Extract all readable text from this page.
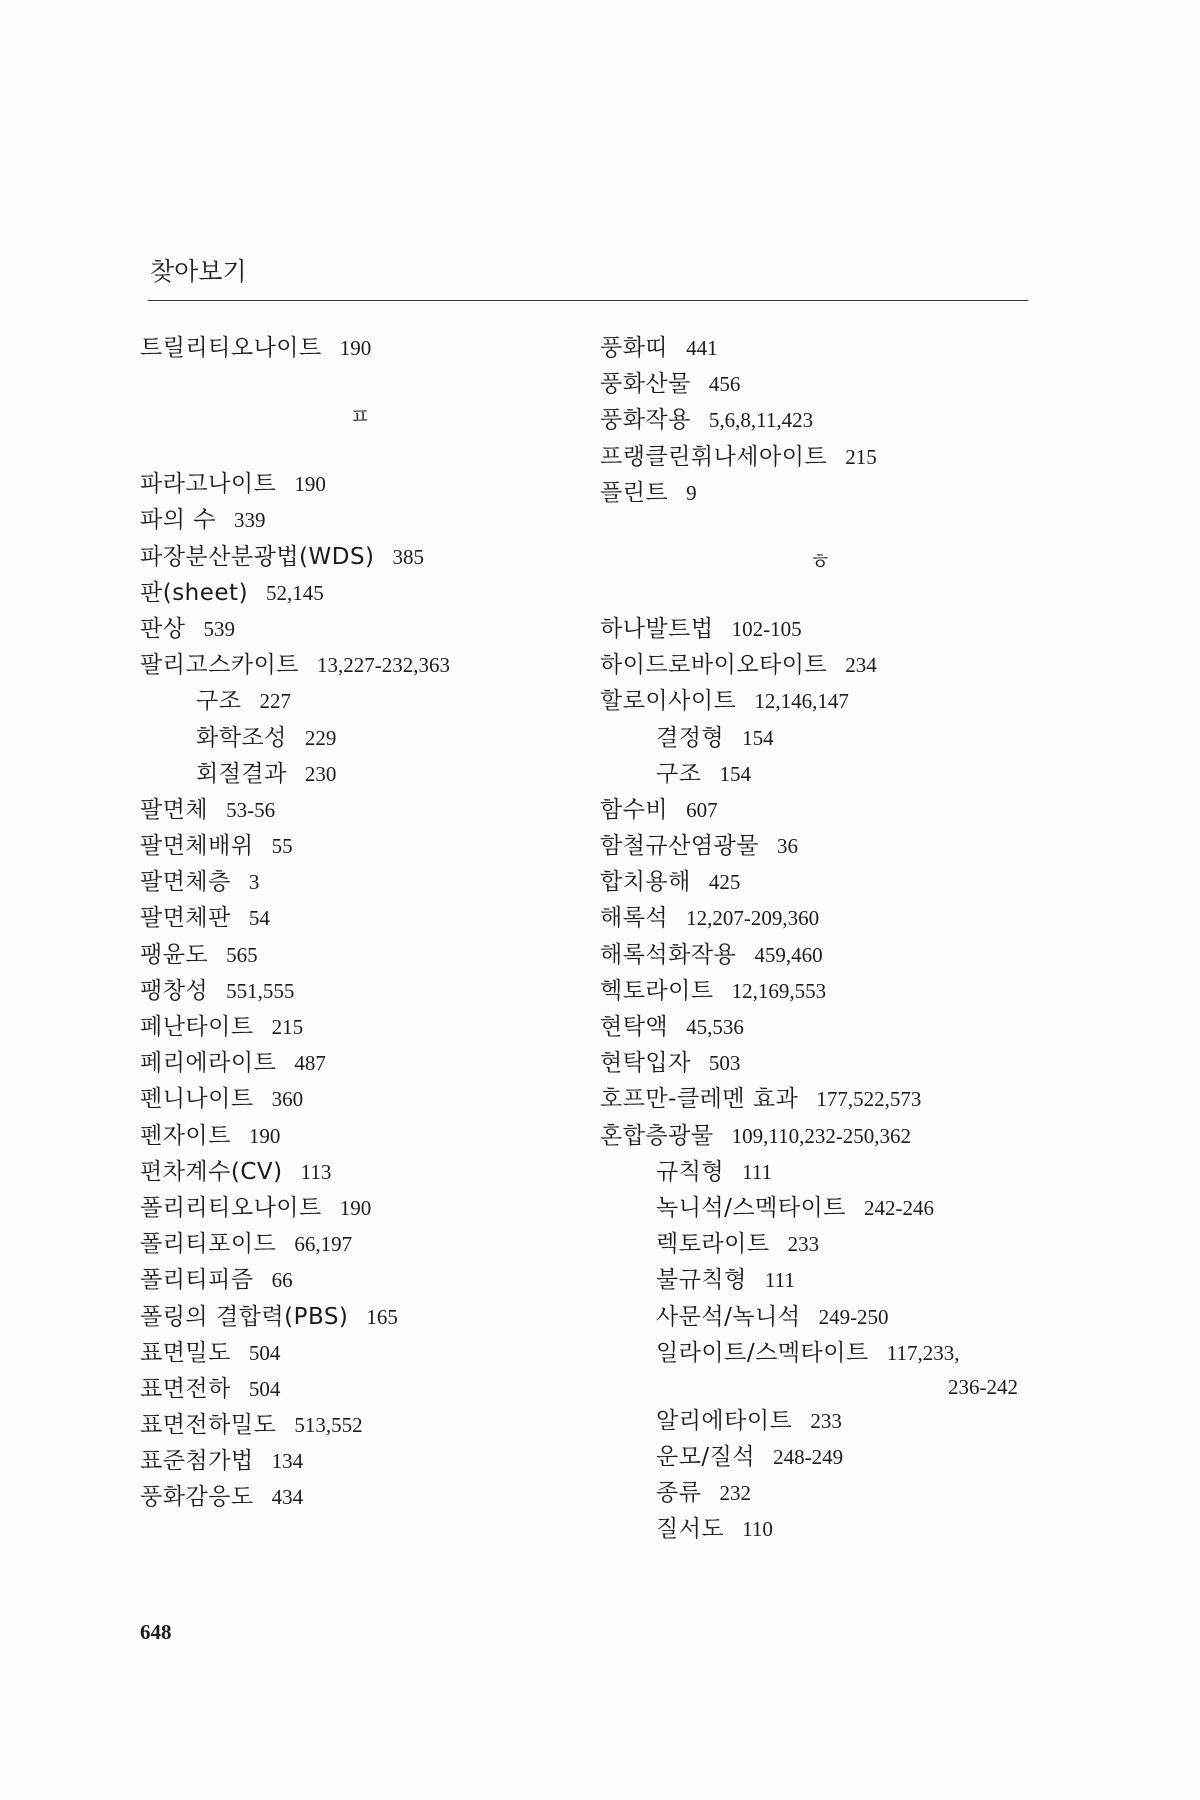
찾아보기
트릴리티오나이트 190
ㅍ
파라고나이트 190
파의 수 339
파장분산분광법(WDS) 385
판(sheet) 52,145
판상 539
팔리고스카이트 13,227-232,363
구조 227
화학조성 229
회절결과 230
팔면체 53-56
팔면체배위 55
팔면체층 3
팔면체판 54
팽윤도 565
팽창성 551,555
페난타이트 215
페리에라이트 487
펜니나이트 360
펜자이트 190
편차계수(CV) 113
폴리리티오나이트 190
폴리티포이드 66,197
폴리티피즘 66
폴링의 결합력(PBS) 165
표면밀도 504
표면전하 504
표면전하밀도 513,552
표준첨가법 134
풍화감응도 434
풍화띠 441
풍화산물 456
풍화작용 5,6,8,11,423
프랭클린휘나세아이트 215
플린트 9
ㅎ
하나발트법 102-105
하이드로바이오타이트 234
할로이사이트 12,146,147
결정형 154
구조 154
함수비 607
함철규산염광물 36
합치용해 425
해록석 12,207-209,360
해록석화작용 459,460
헥토라이트 12,169,553
현탁액 45,536
현탁입자 503
호프만-클레멘 효과 177,522,573
혼합층광물 109,110,232-250,362
규칙형 111
녹니석/스멕타이트 242-246
렉토라이트 233
불규칙형 111
사문석/녹니석 249-250
일라이트/스멕타이트 117,233,
236-242
알리에타이트 233
운모/질석 248-249
종류 232
질서도 110
648
